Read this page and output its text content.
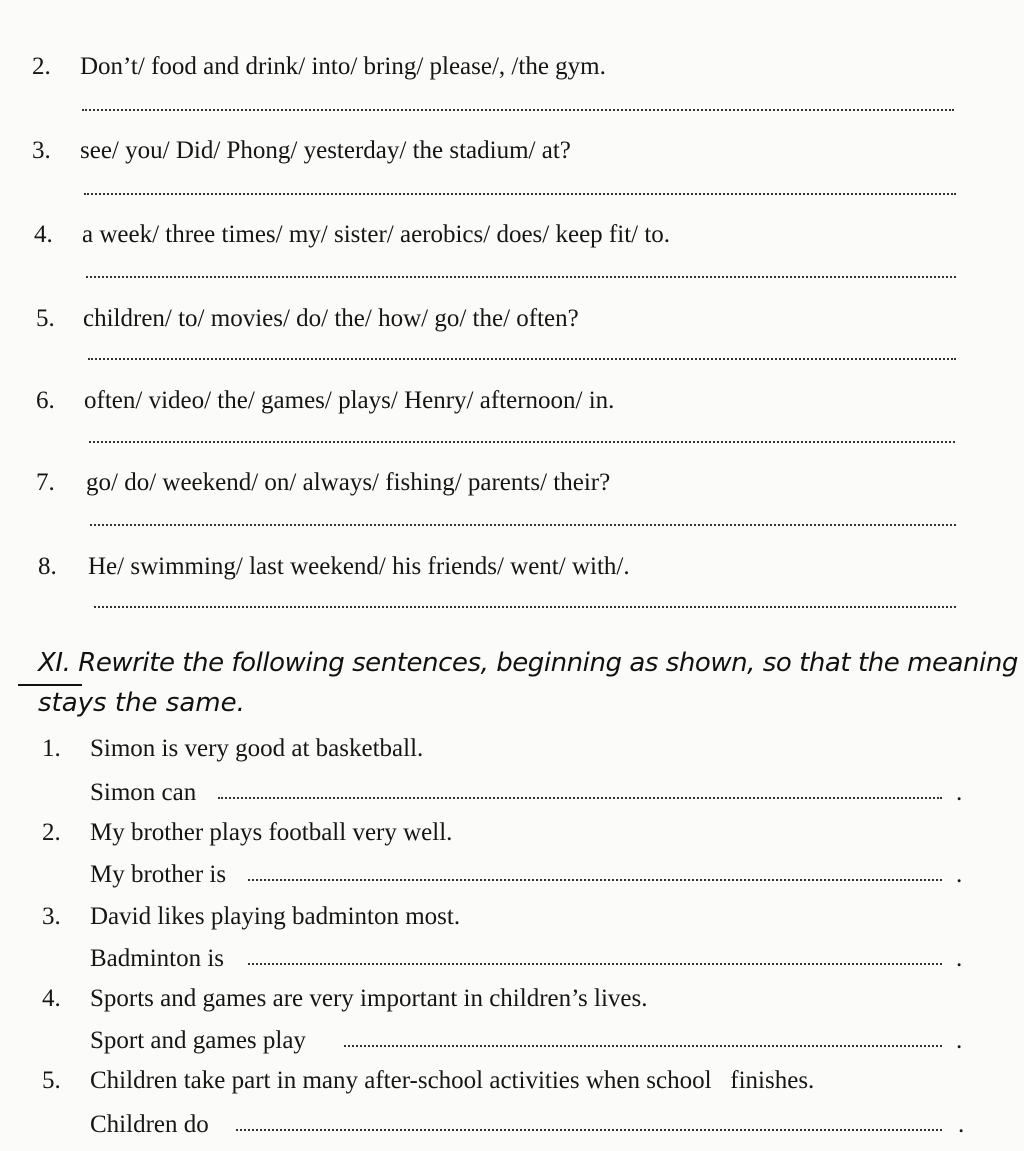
2. Don’t/ food and drink/ into/ bring/ please/, /the gym.
3. see/ you/ Did/ Phong/ yesterday/ the stadium/ at?
4. a week/ three times/ my/ sister/ aerobics/ does/ keep fit/ to.
5. children/ to/ movies/ do/ the/ how/ go/ the/ often?
6. often/ video/ the/ games/ plays/ Henry/ afternoon/ in.
7. go/ do/ weekend/ on/ always/ fishing/ parents/ their?
8. He/ swimming/ last weekend/ his friends/ went/ with/.
XI. Rewrite the following sentences, beginning as shown, so that the meaning
stays the same.
1. Simon is very good at basketball.
Simon can	.
2. My brother plays football very well.
My brother is	.
3. David likes playing badminton most.
Badminton is	.
4. Sports and games are very important in children’s lives.
Sport and games play	.
5. Children take part in many after-school activities when school   finishes.
Children do	.
